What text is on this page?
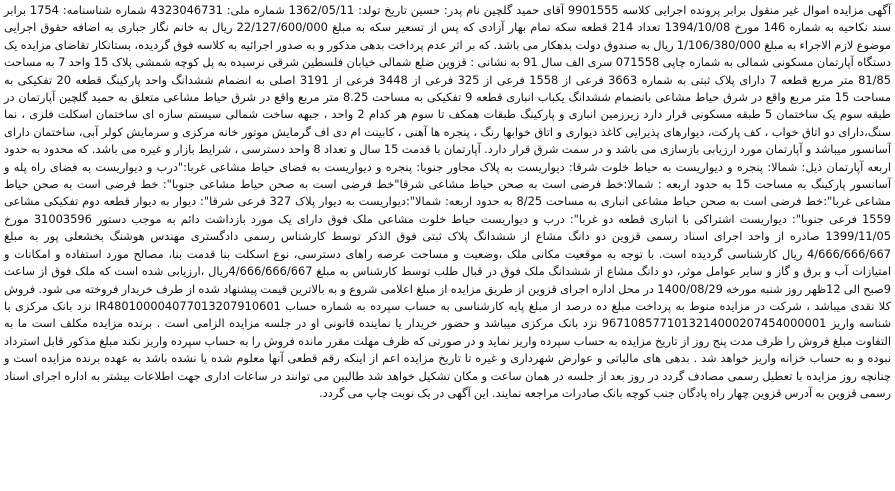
آگهی مزایده اموال غیر منقول برابر پرونده اجرایی کلاسه 9901555 آقای حمید گلچین نام پدر: حسین تاریخ تولد: 1362/05/11 شماره ملی: 4323046731 شماره شناسنامه: 1754 برابر سند نکاحیه به شماره 146 مورخ 1394/10/08 تعداد 214 قطعه سکه تمام بهار آزادی که پس از تسعیر سکه به مبلغ 22/127/600/000 ریال به خانم نگار جباری به اضافه حقوق اجرایی موضوع لازم الاجراء به مبلغ 1/106/380/000 ریال به صندوق دولت بدهکار می باشد. که بر اثر عدم پرداخت بدهی مذکور و به صدور اجرائیه به کلاسه فوق گردیده، بستانکار تقاضای مزایده یک دستگاه آپارتمان مسکونی شمالی به شماره چاپی 071558 سری الف سال 91 به نشانی : قزوین ضلع شمالی خیابان فلسطین شرقی نرسیده به پل کوچه شمشی پلاک 15 واحد 7 به مساحت 81/85 متر مربع قطعه 7 دارای پلاک ثبتی به شماره 3663 فرعی از 1558 فرعی از 325 فرعی از 3448 فرعی از 3191 اصلی به انضمام ششدانگ واحد پارکینگ قطعه 20 تفکیکی به مساحت 15 متر مربع واقع در شرق حیاط مشاعی بانضمام ششدانگ یکباب انباری قطعه 9 تفکیکی به مساحت 8.25 متر مربع واقع در شرق حیاط مشاعی متعلق به حمید گلچین آپارتمان در طبقه سوم یک ساختمان 5 طبقه مسکونی قرار دارد زیرزمین انباری و پارکینگ طبقات همکف تا سوم هر کدام 2 واحد ، جبهه ساخت شمالی سیستم سازه ای ساختمان اسکلت فلزی ، نما سنگ،دارای دو اتاق خواب ، کف پارکت، دیوارهای پذیرایی کاغذ دیواری و اتاق خوابها رنگ ، پنجره ها آهنی ، کابینت ام دی اف گرمایش موتور خانه مرکزی و سرمایش کولر آبی، ساختمان دارای آسانسور میباشد و آپارتمان مورد ارزیابی بازسازی می باشد و در سمت شرق قرار دارد. آپارتمان با قدمت 15 سال و تعداد 8 واحد دسترسی ، شرایط بازار و غیره می باشد. که محدود به حدود اربعه آپارتمان ذیل: شمالا: پنجره و دیواریست به حیاط خلوت شرقا: دیواریست به پلاک مجاور جنوبا: پنجره و دیواریست به فضای حیاط مشاعی غربا:"درب و دیواریست به فضای راه پله و آسانسور پارکینگ به مساحت 15 به حدود اربعه : شمالا:خط فرضی است به صحن حیاط مشاعی شرقا"خط فرضی است به صحن حیاط مشاعی جنوبا": خط فرضی است به صحن حیاط مشاعی غربا":خط فرضی است به صحن حیاط مشاعی انباری به مساحت 8/25 به حدود اربعه: شمالا":دیواریست به دیوار پلاک 327 فرعی شرقا": دیوار به دیوار قطعه دوم تفکیکی مشاعی 1559 فرعی جنوبا": دیواریست اشتراکی با انباری قطعه دو غربا": درب و دیواریست حیاط خلوت مشاعی ملک فوق دارای یک مورد بازداشت دائم به موجب دستور 31003596 مورخ 1399/11/05 صادره از واحد اجرای اسناد رسمی قزوین دو دانگ مشاع از ششدانگ پلاک ثبتی فوق الذکر توسط کارشناس رسمی دادگستری مهندس هوشنگ بخشعلی پور به مبلغ 4/666/666/667 ریال کارشناسی گردیده است. با توجه به موقعیت مکانی ملک ،وضعیت و مساحت عرصه راهای دسترسی، نوع اسکلت بنا قدمت بنا، مصالح مورد استفاده و امکانات و امتیازات آب و برق و گاز و سایر عوامل موثر، دو دانگ مشاع از ششدانگ ملک فوق در قبال طلب توسط کارشناس به مبلغ 4/666/666/667ریال ،ارزیابی شده است که ملک فوق از ساعت 9صبح الی 12ظهر روز شنبه مورخه 1400/08/29 در محل اداره اجرای قزوین از طریق مزایده از مبلغ اعلامی شروع و به بالاترین قیمت پیشنهاد شده از طرف خریدار فروخته می شود. فروش کلا نقدی میباشد ، شرکت در مزایده منوط به پرداخت مبلغ ده درصد از مبلغ پایه کارشناسی به حساب سپرده به شماره حساب IR480100004077013207910601 نزد بانک مرکزی با شناسه واریز 9671085771013214000207454000001 نزد بانک مرکزی میباشد و حضور خریدار یا نماینده قانونی او در جلسه مزایده الزامی است . برنده مزایده مکلف است ما به التفاوت مبلغ فروش را ظرف مدت پنج روز از تاریخ مزایده به حساب سپرده واریز نماید و در صورتی که ظرف مهلت مقرر مانده فروش را به حساب سپرده واریز نکند مبلغ مذکور قابل استرداد نبوده و به حساب خزانه واریز خواهد شد . بدهی های مالیاتی و عوارض شهرداری و غیره تا تاریخ مزایده اعم از اینکه رقم قطعی آنها معلوم شده یا نشده باشد به عهده برنده مزایده است و چنانچه روز مزایده با تعطیل رسمی مصادف گردد در روز بعد از جلسه در همان ساعت و مکان تشکیل خواهد شد طالبین می توانند در ساعات اداری جهت اطلاعات بیشتر به اداره اجرای اسناد رسمی قزوین به آدرس قزوین چهار راه پادگان جنب کوچه بانک صادرات مراجعه نمایند. این آگهی در یک نوبت چاپ می گردد.
